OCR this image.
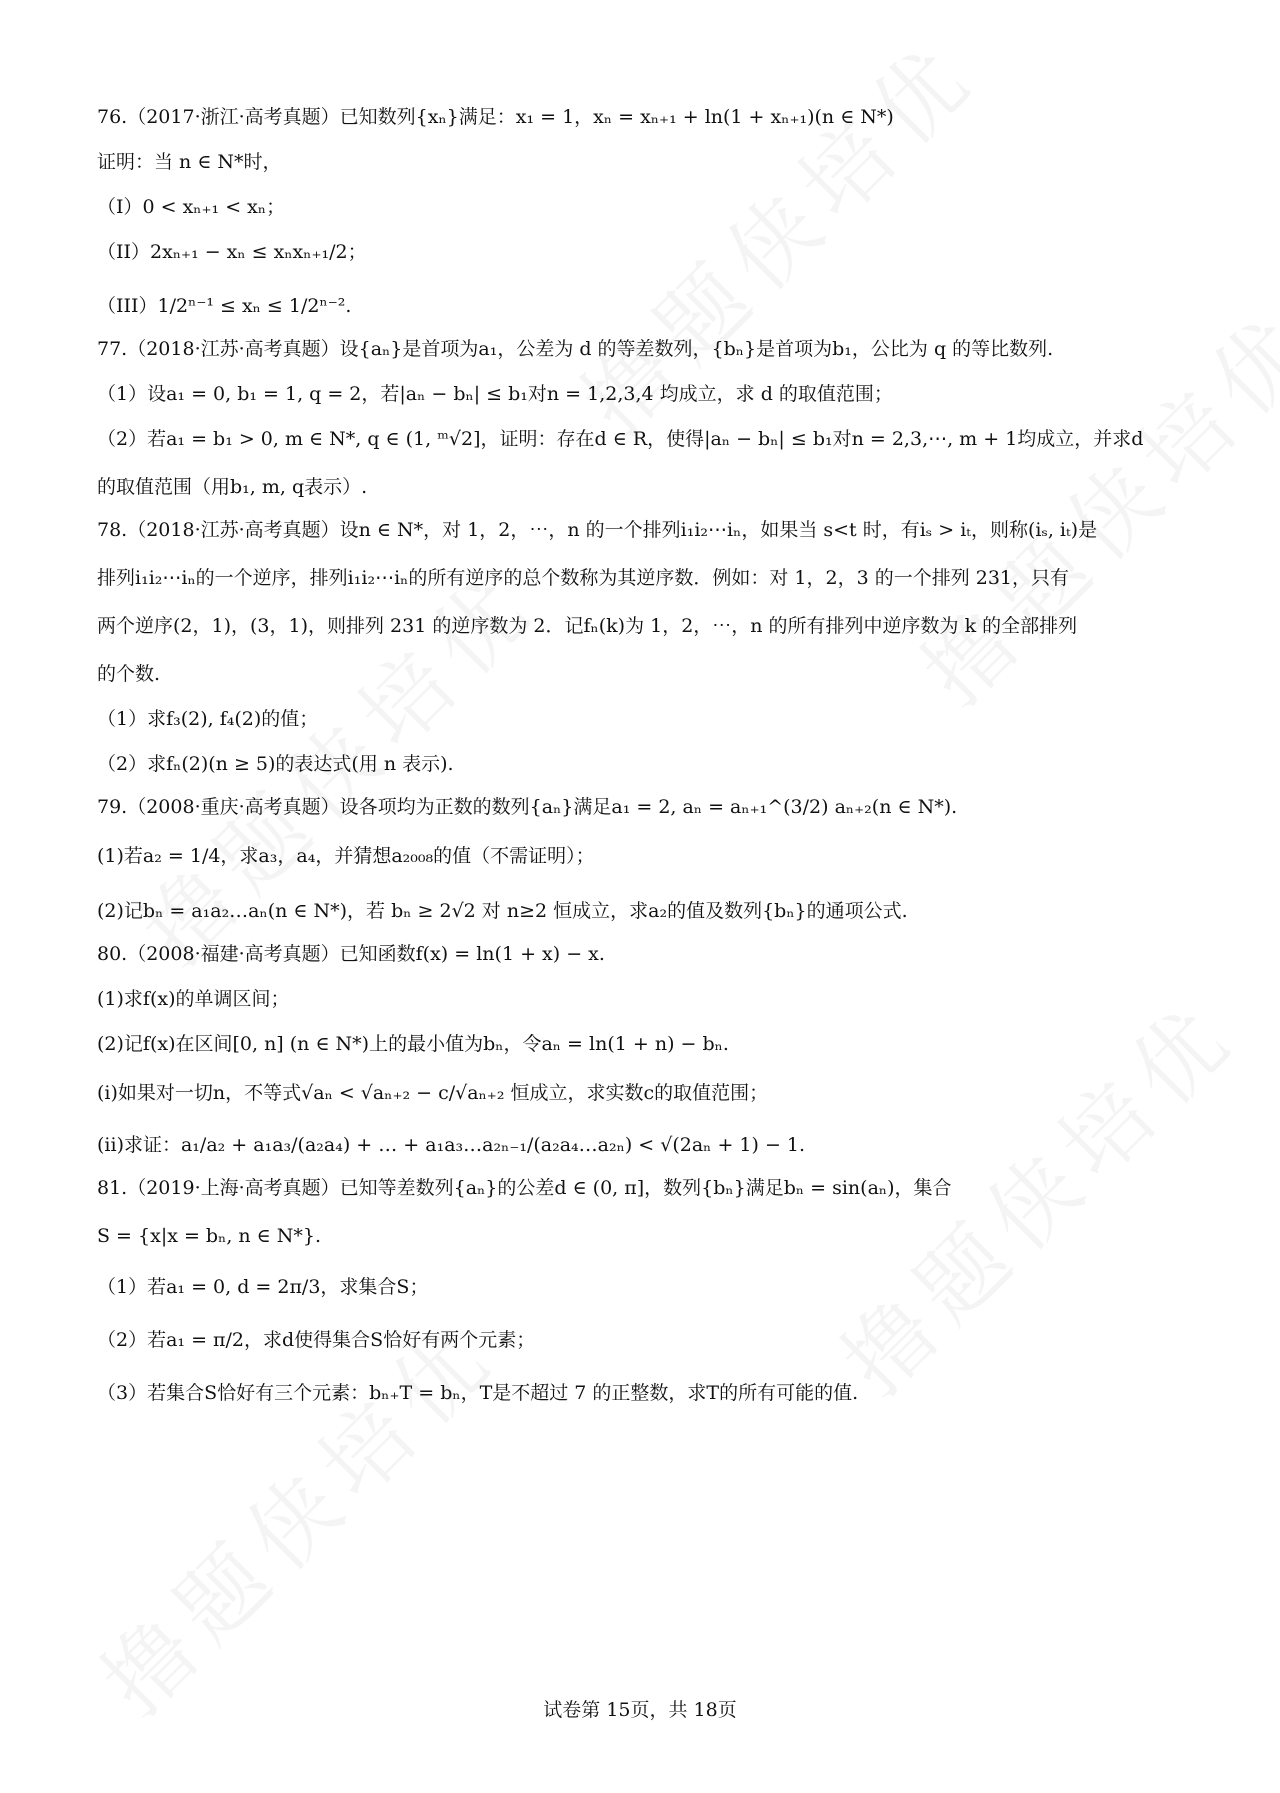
76.（2017·浙江·高考真题）已知数列{xₙ}满足：x₁ = 1，xₙ = xₙ₊₁ + ln(1 + xₙ₊₁)(n ∈ N*)
证明：当 n ∈ N*时，
（I）0 < xₙ₊₁ < xₙ；
（II）2xₙ₊₁ − xₙ ≤ xₙxₙ₊₁/2；
（III）1/2ⁿ⁻¹ ≤ xₙ ≤ 1/2ⁿ⁻².
77.（2018·江苏·高考真题）设{aₙ}是首项为a₁，公差为 d 的等差数列，{bₙ}是首项为b₁，公比为 q 的等比数列.
（1）设a₁ = 0, b₁ = 1, q = 2，若|aₙ − bₙ| ≤ b₁对n = 1,2,3,4 均成立，求 d 的取值范围；
（2）若a₁ = b₁ > 0, m ∈ N*, q ∈ (1, ᵐ√2]，证明：存在d ∈ R，使得|aₙ − bₙ| ≤ b₁对n = 2,3,⋯, m + 1均成立，并求d
的取值范围（用b₁, m, q表示）.
78.（2018·江苏·高考真题）设n ∈ N*，对 1，2，⋯，n 的一个排列i₁i₂⋯iₙ，如果当 s<t 时，有iₛ > iₜ，则称(iₛ, iₜ)是
排列i₁i₂⋯iₙ的一个逆序，排列i₁i₂⋯iₙ的所有逆序的总个数称为其逆序数．例如：对 1，2，3 的一个排列 231，只有
两个逆序(2，1)，(3，1)，则排列 231 的逆序数为 2．记fₙ(k)为 1，2，⋯，n 的所有排列中逆序数为 k 的全部排列
的个数.
（1）求f₃(2), f₄(2)的值；
（2）求fₙ(2)(n ≥ 5)的表达式(用 n 表示).
79.（2008·重庆·高考真题）设各项均为正数的数列{aₙ}满足a₁ = 2, aₙ = aₙ₊₁^(3/2) aₙ₊₂(n ∈ N*).
(1)若a₂ = 1/4，求a₃，a₄，并猜想a₂₀₀₈的值（不需证明）；
(2)记bₙ = a₁a₂…aₙ(n ∈ N*)，若 bₙ ≥ 2√2 对 n≥2 恒成立，求a₂的值及数列{bₙ}的通项公式.
80.（2008·福建·高考真题）已知函数f(x) = ln(1 + x) − x.
(1)求f(x)的单调区间；
(2)记f(x)在区间[0, n] (n ∈ N*)上的最小值为bₙ，令aₙ = ln(1 + n) − bₙ.
(i)如果对一切n，不等式√aₙ < √aₙ₊₂ − c/√aₙ₊₂ 恒成立，求实数c的取值范围；
(ii)求证：a₁/a₂ + a₁a₃/(a₂a₄) + … + a₁a₃…a₂ₙ₋₁/(a₂a₄…a₂ₙ) < √(2aₙ + 1) − 1.
81.（2019·上海·高考真题）已知等差数列{aₙ}的公差d ∈ (0, π]，数列{bₙ}满足bₙ = sin(aₙ)，集合
S = {x|x = bₙ, n ∈ N*}.
（1）若a₁ = 0, d = 2π/3，求集合S；
（2）若a₁ = π/2，求d使得集合S恰好有两个元素；
（3）若集合S恰好有三个元素：bₙ₊T = bₙ，T是不超过 7 的正整数，求T的所有可能的值.
试卷第 15页，共 18页
